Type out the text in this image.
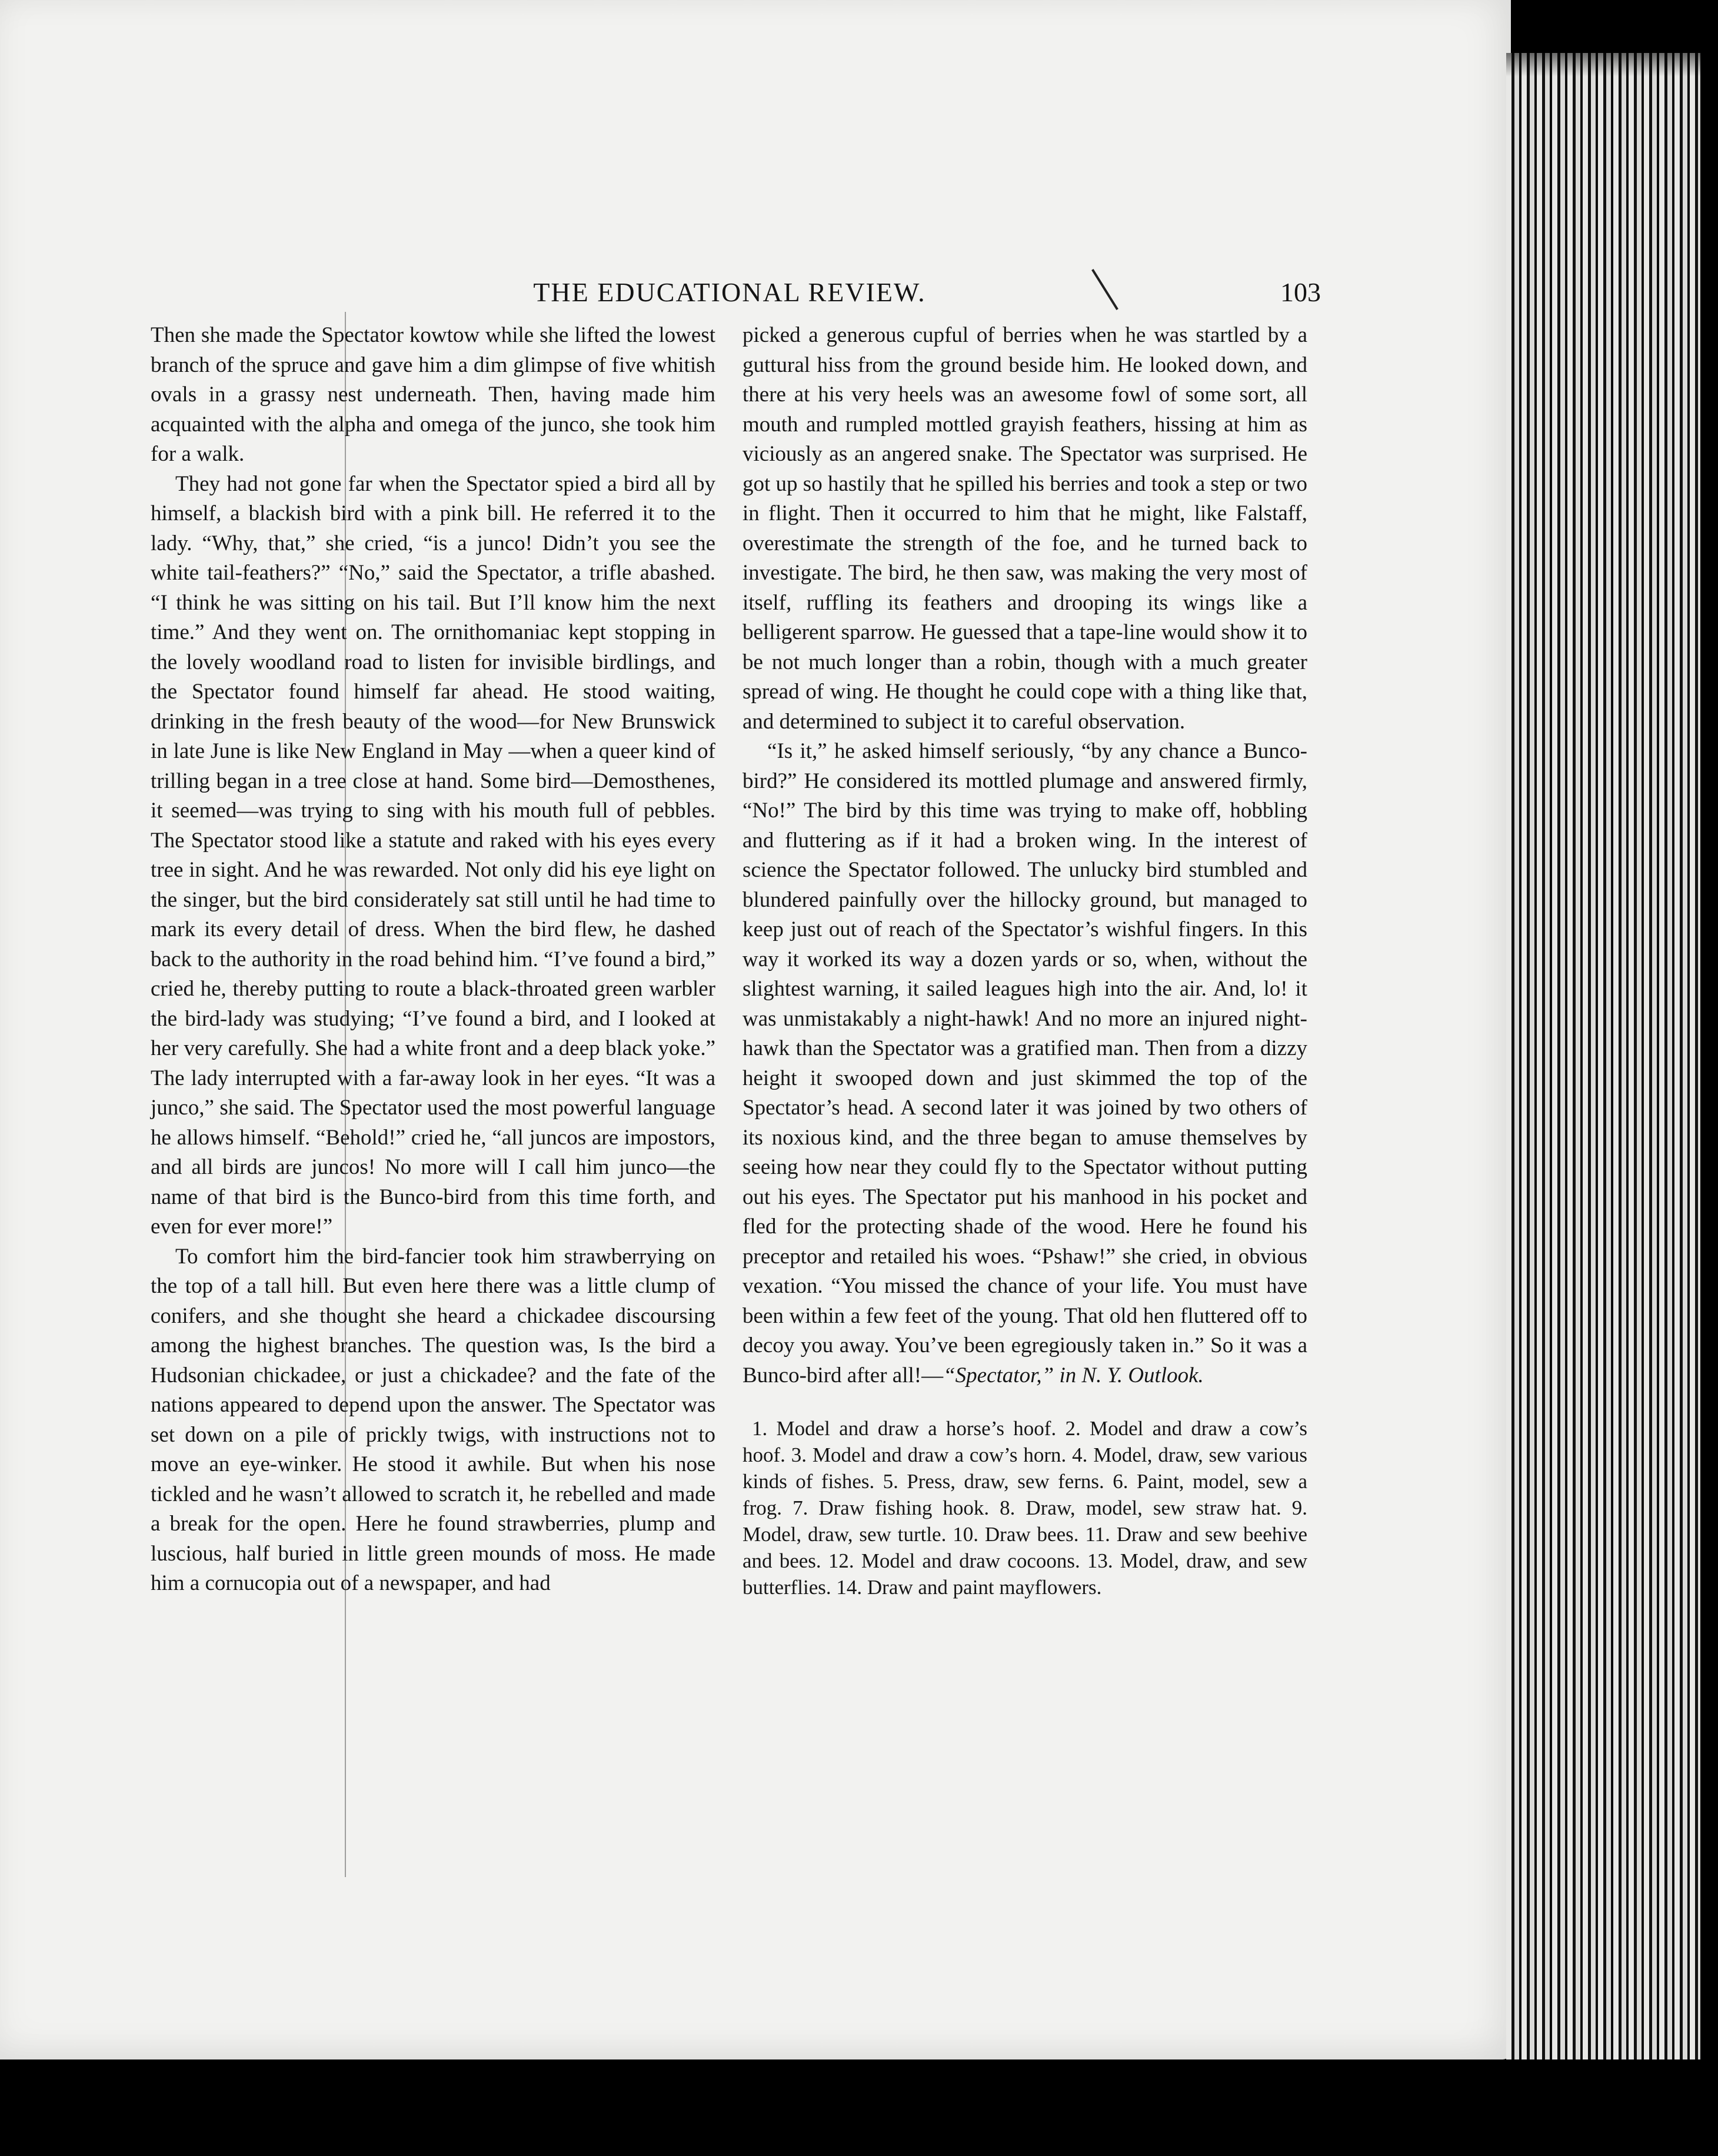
THE EDUCATIONAL REVIEW.	103

Then she made the Spectator kowtow while she lifted the lowest branch of the spruce and gave him a dim glimpse of five whitish ovals in a grassy nest underneath. Then, having made him acquainted with the alpha and omega of the junco, she took him for a walk.

They had not gone far when the Spectator spied a bird all by himself, a blackish bird with a pink bill. He referred it to the lady. “Why, that,” she cried, “is a junco! Didn’t you see the white tail-feathers?” “No,” said the Spectator, a trifle abashed. “I think he was sitting on his tail. But I’ll know him the next time.” And they went on. The ornithomaniac kept stopping in the lovely woodland road to listen for invisible birdlings, and the Spectator found himself far ahead. He stood waiting, drinking in the fresh beauty of the wood—for New Brunswick in late June is like New England in May —when a queer kind of trilling began in a tree close at hand. Some bird—Demosthenes, it seemed—was trying to sing with his mouth full of pebbles. The Spectator stood like a statute and raked with his eyes every tree in sight. And he was rewarded. Not only did his eye light on the singer, but the bird considerately sat still until he had time to mark its every detail of dress. When the bird flew, he dashed back to the authority in the road behind him. “I’ve found a bird,” cried he, thereby putting to route a black-throated green warbler the bird-lady was studying; “I’ve found a bird, and I looked at her very carefully. She had a white front and a deep black yoke.” The lady interrupted with a far-away look in her eyes. “It was a junco,” she said. The Spectator used the most powerful language he allows himself. “Behold!” cried he, “all juncos are impostors, and all birds are juncos! No more will I call him junco—the name of that bird is the Bunco-bird from this time forth, and even for ever more!”

To comfort him the bird-fancier took him strawberrying on the top of a tall hill. But even here there was a little clump of conifers, and she thought she heard a chickadee discoursing among the highest branches. The question was, Is the bird a Hudsonian chickadee, or just a chickadee? and the fate of the nations appeared to depend upon the answer. The Spectator was set down on a pile of prickly twigs, with instructions not to move an eye-winker. He stood it awhile. But when his nose tickled and he wasn’t allowed to scratch it, he rebelled and made a break for the open. Here he found strawberries, plump and luscious, half buried in little green mounds of moss. He made him a cornucopia out of a newspaper, and had

picked a generous cupful of berries when he was startled by a guttural hiss from the ground beside him. He looked down, and there at his very heels was an awesome fowl of some sort, all mouth and rumpled mottled grayish feathers, hissing at him as viciously as an angered snake. The Spectator was surprised. He got up so hastily that he spilled his berries and took a step or two in flight. Then it occurred to him that he might, like Falstaff, overestimate the strength of the foe, and he turned back to investigate. The bird, he then saw, was making the very most of itself, ruffling its feathers and drooping its wings like a belligerent sparrow. He guessed that a tape-line would show it to be not much longer than a robin, though with a much greater spread of wing. He thought he could cope with a thing like that, and determined to subject it to careful observation.

“Is it,” he asked himself seriously, “by any chance a Bunco-bird?” He considered its mottled plumage and answered firmly, “No!” The bird by this time was trying to make off, hobbling and fluttering as if it had a broken wing. In the interest of science the Spectator followed. The unlucky bird stumbled and blundered painfully over the hillocky ground, but managed to keep just out of reach of the Spectator’s wishful fingers. In this way it worked its way a dozen yards or so, when, without the slightest warning, it sailed leagues high into the air. And, lo! it was unmistakably a night-hawk! And no more an injured night-hawk than the Spectator was a gratified man. Then from a dizzy height it swooped down and just skimmed the top of the Spectator’s head. A second later it was joined by two others of its noxious kind, and the three began to amuse themselves by seeing how near they could fly to the Spectator without putting out his eyes. The Spectator put his manhood in his pocket and fled for the protecting shade of the wood. Here he found his preceptor and retailed his woes. “Pshaw!” she cried, in obvious vexation. “You missed the chance of your life. You must have been within a few feet of the young. That old hen fluttered off to decoy you away. You’ve been egregiously taken in.” So it was a Bunco-bird after all!—“Spectator,” in N. Y. Outlook.

1. Model and draw a horse’s hoof. 2. Model and draw a cow’s hoof. 3. Model and draw a cow’s horn. 4. Model, draw, sew various kinds of fishes. 5. Press, draw, sew ferns. 6. Paint, model, sew a frog. 7. Draw fishing hook. 8. Draw, model, sew straw hat. 9. Model, draw, sew turtle. 10. Draw bees. 11. Draw and sew beehive and bees. 12. Model and draw cocoons. 13. Model, draw, and sew butterflies. 14. Draw and paint mayflowers.
